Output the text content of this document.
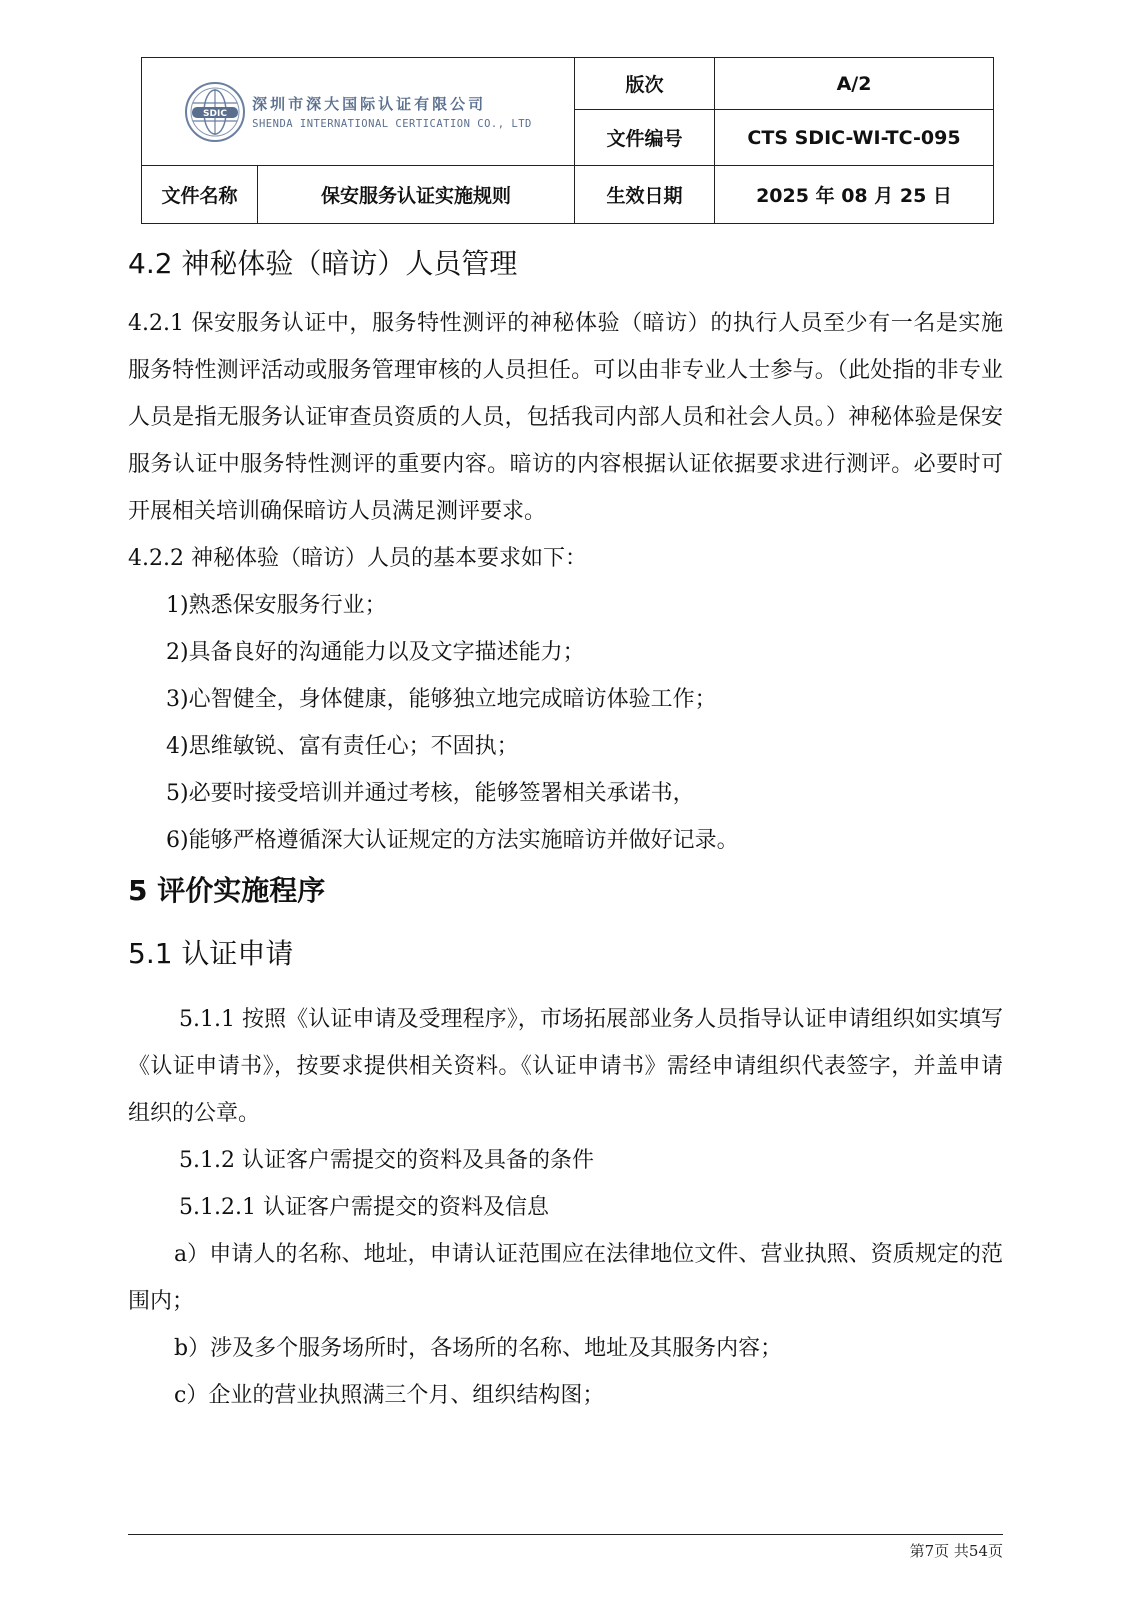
SDIC
深圳市深大国际认证有限公司
SHENDA INTERNATIONAL CERTICATION CO., LTD		版次	A/2
		文件编号	CTS SDIC-WI-TC-095
文件名称	保安服务认证实施规则	生效日期	2025 年 08 月 25 日
4.2 神秘体验（暗访）人员管理

4.2.1 保安服务认证中，服务特性测评的神秘体验（暗访）的执行人员至少有一名是实施服务特性测评活动或服务管理审核的人员担任。可以由非专业人士参与。（此处指的非专业人员是指无服务认证审查员资质的人员，包括我司内部人员和社会人员。）神秘体验是保安服务认证中服务特性测评的重要内容。暗访的内容根据认证依据要求进行测评。必要时可开展相关培训确保暗访人员满足测评要求。

4.2.2 神秘体验（暗访）人员的基本要求如下：

1)熟悉保安服务行业；

2)具备良好的沟通能力以及文字描述能力；

3)心智健全，身体健康，能够独立地完成暗访体验工作；

4)思维敏锐、富有责任心；不固执；

5)必要时接受培训并通过考核，能够签署相关承诺书，

6)能够严格遵循深大认证规定的方法实施暗访并做好记录。

5 评价实施程序
5.1 认证申请

5.1.1 按照《认证申请及受理程序》，市场拓展部业务人员指导认证申请组织如实填写《认证申请书》，按要求提供相关资料。《认证申请书》需经申请组织代表签字，并盖申请组织的公章。

5.1.2 认证客户需提交的资料及具备的条件

5.1.2.1 认证客户需提交的资料及信息

a）申请人的名称、地址，申请认证范围应在法律地位文件、营业执照、资质规定的范围内；

b）涉及多个服务场所时，各场所的名称、地址及其服务内容；

c）企业的营业执照满三个月、组织结构图；

第7页 共54页
